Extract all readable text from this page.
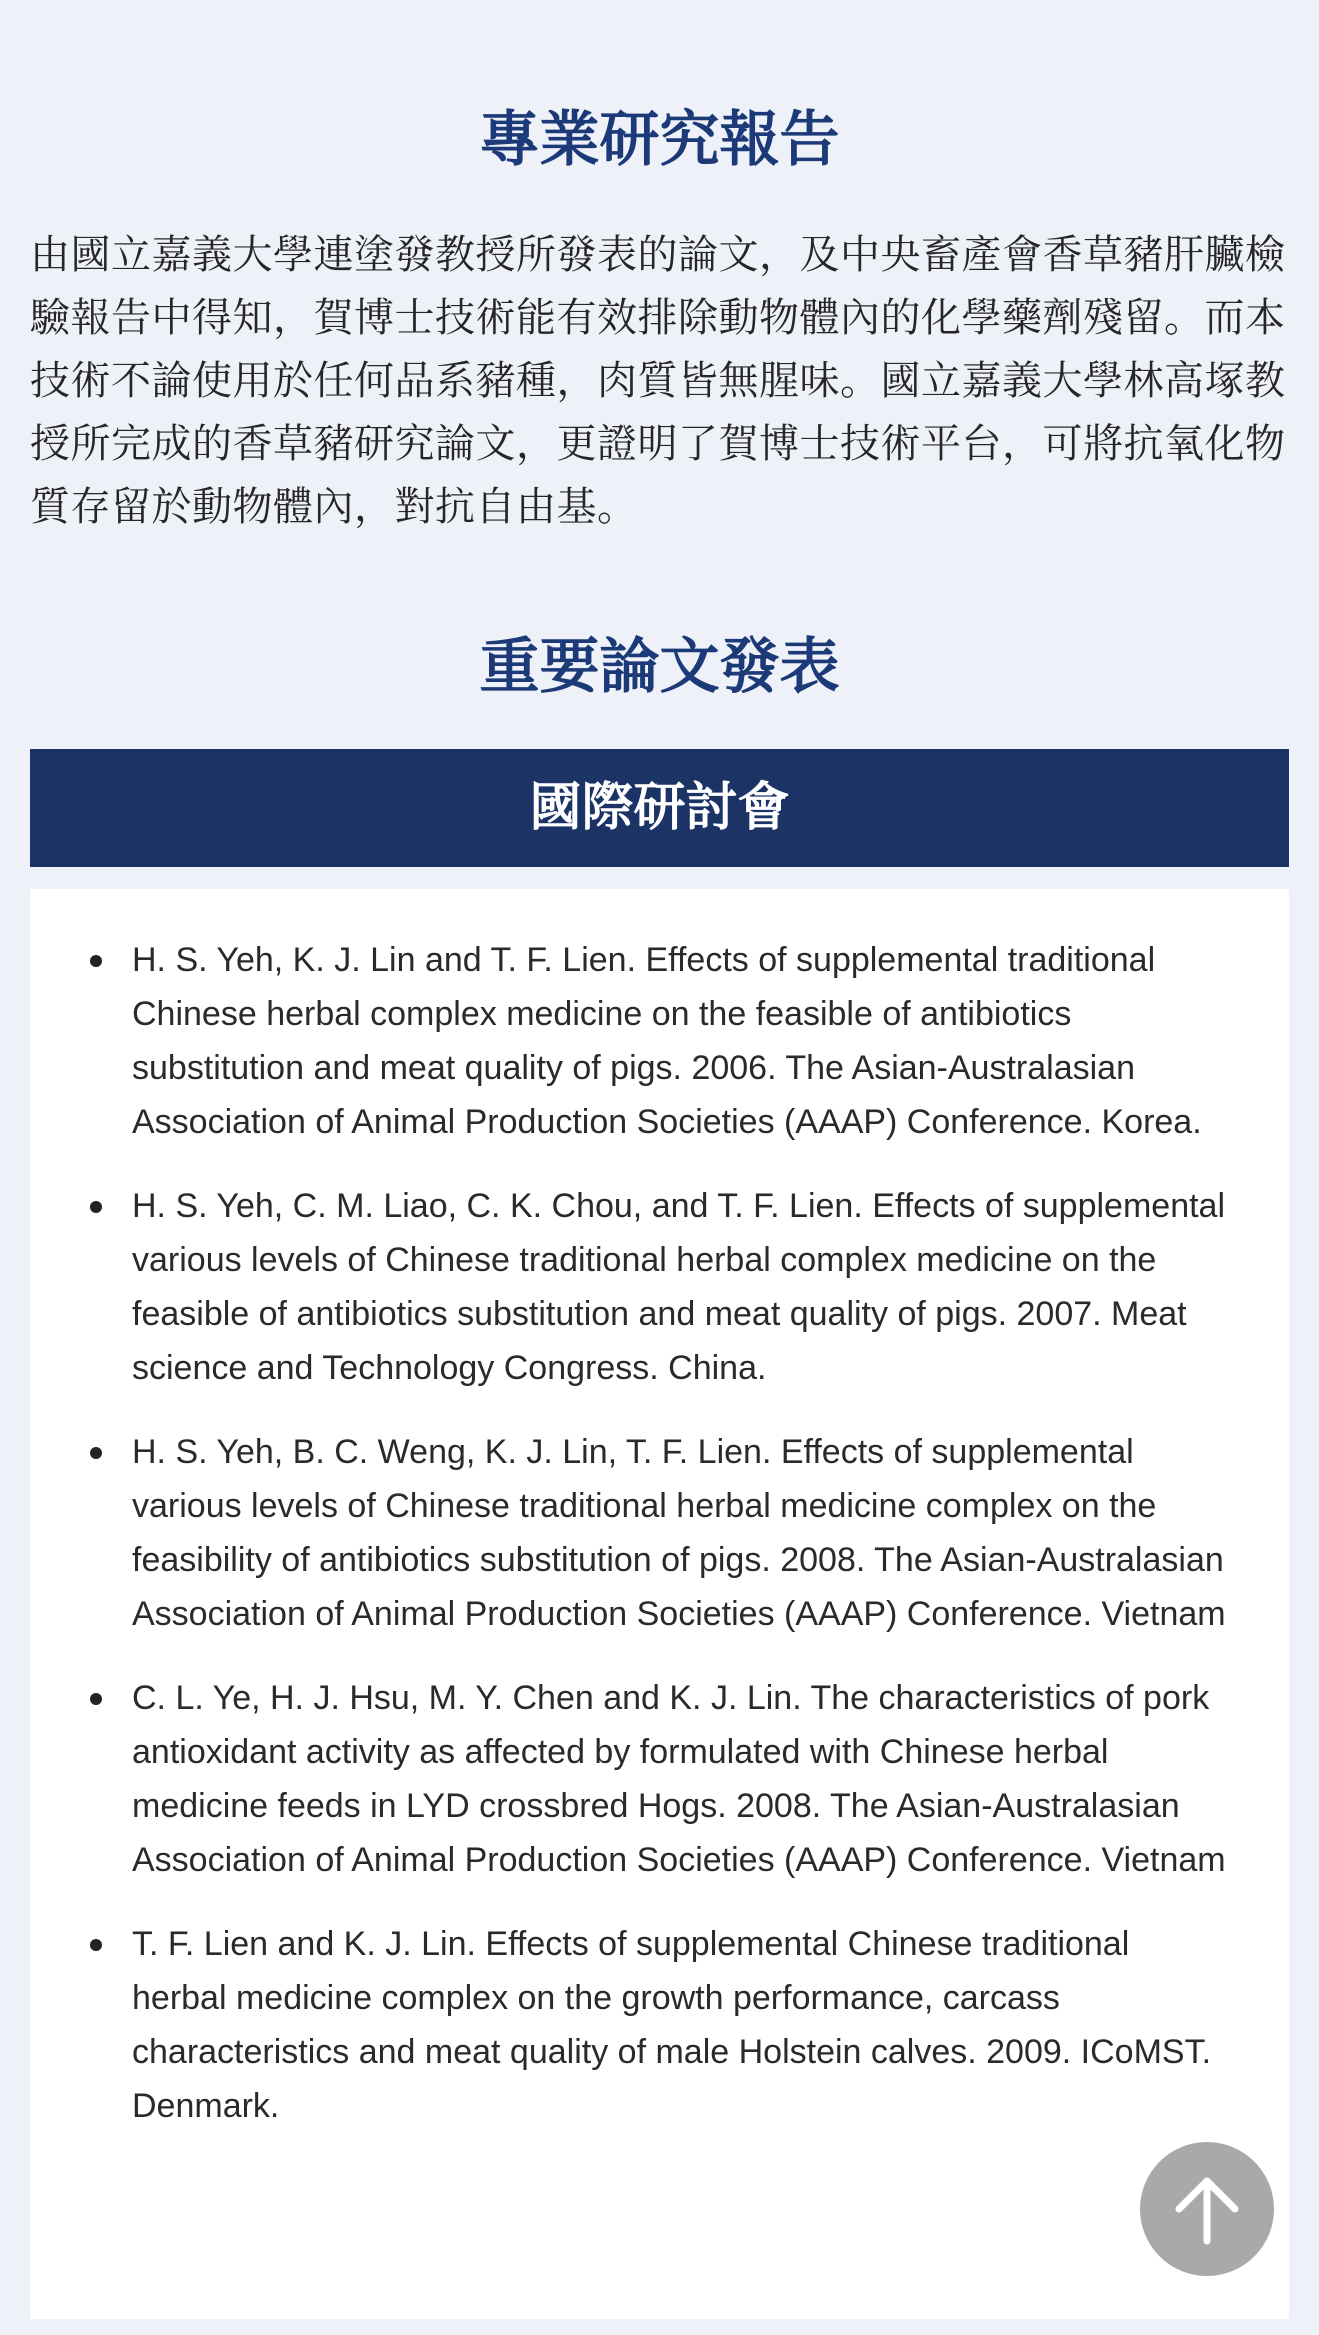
專業研究報告

由國立嘉義大學連塗發教授所發表的論文，及中央畜產會香草豬肝臟檢驗報告中得知，賀博士技術能有效排除動物體內的化學藥劑殘留。而本技術不論使用於任何品系豬種，肉質皆無腥味。國立嘉義大學林高塚教授所完成的香草豬研究論文，更證明了賀博士技術平台，可將抗氧化物質存留於動物體內，對抗自由基。

重要論文發表
國際研討會
H. S. Yeh, K. J. Lin and T. F. Lien. Effects of supplemental traditional Chinese herbal complex medicine on the feasible of antibiotics substitution and meat quality of pigs. 2006. The Asian-Australasian Association of Animal Production Societies (AAAP) Conference. Korea.
H. S. Yeh, C. M. Liao, C. K. Chou, and T. F. Lien. Effects of supplemental various levels of Chinese traditional herbal complex medicine on the feasible of antibiotics substitution and meat quality of pigs. 2007. Meat science and Technology Congress. China.
H. S. Yeh, B. C. Weng, K. J. Lin, T. F. Lien. Effects of supplemental various levels of Chinese traditional herbal medicine complex on the feasibility of antibiotics substitution of pigs. 2008. The Asian-Australasian Association of Animal Production Societies (AAAP) Conference. Vietnam
C. L. Ye, H. J. Hsu, M. Y. Chen and K. J. Lin. The characteristics of pork antioxidant activity as affected by formulated with Chinese herbal medicine feeds in LYD crossbred Hogs. 2008. The Asian-Australasian Association of Animal Production Societies (AAAP) Conference. Vietnam
T. F. Lien and K. J. Lin. Effects of supplemental Chinese traditional herbal medicine complex on the growth performance, carcass characteristics and meat quality of male Holstein calves. 2009. ICoMST. Denmark.
